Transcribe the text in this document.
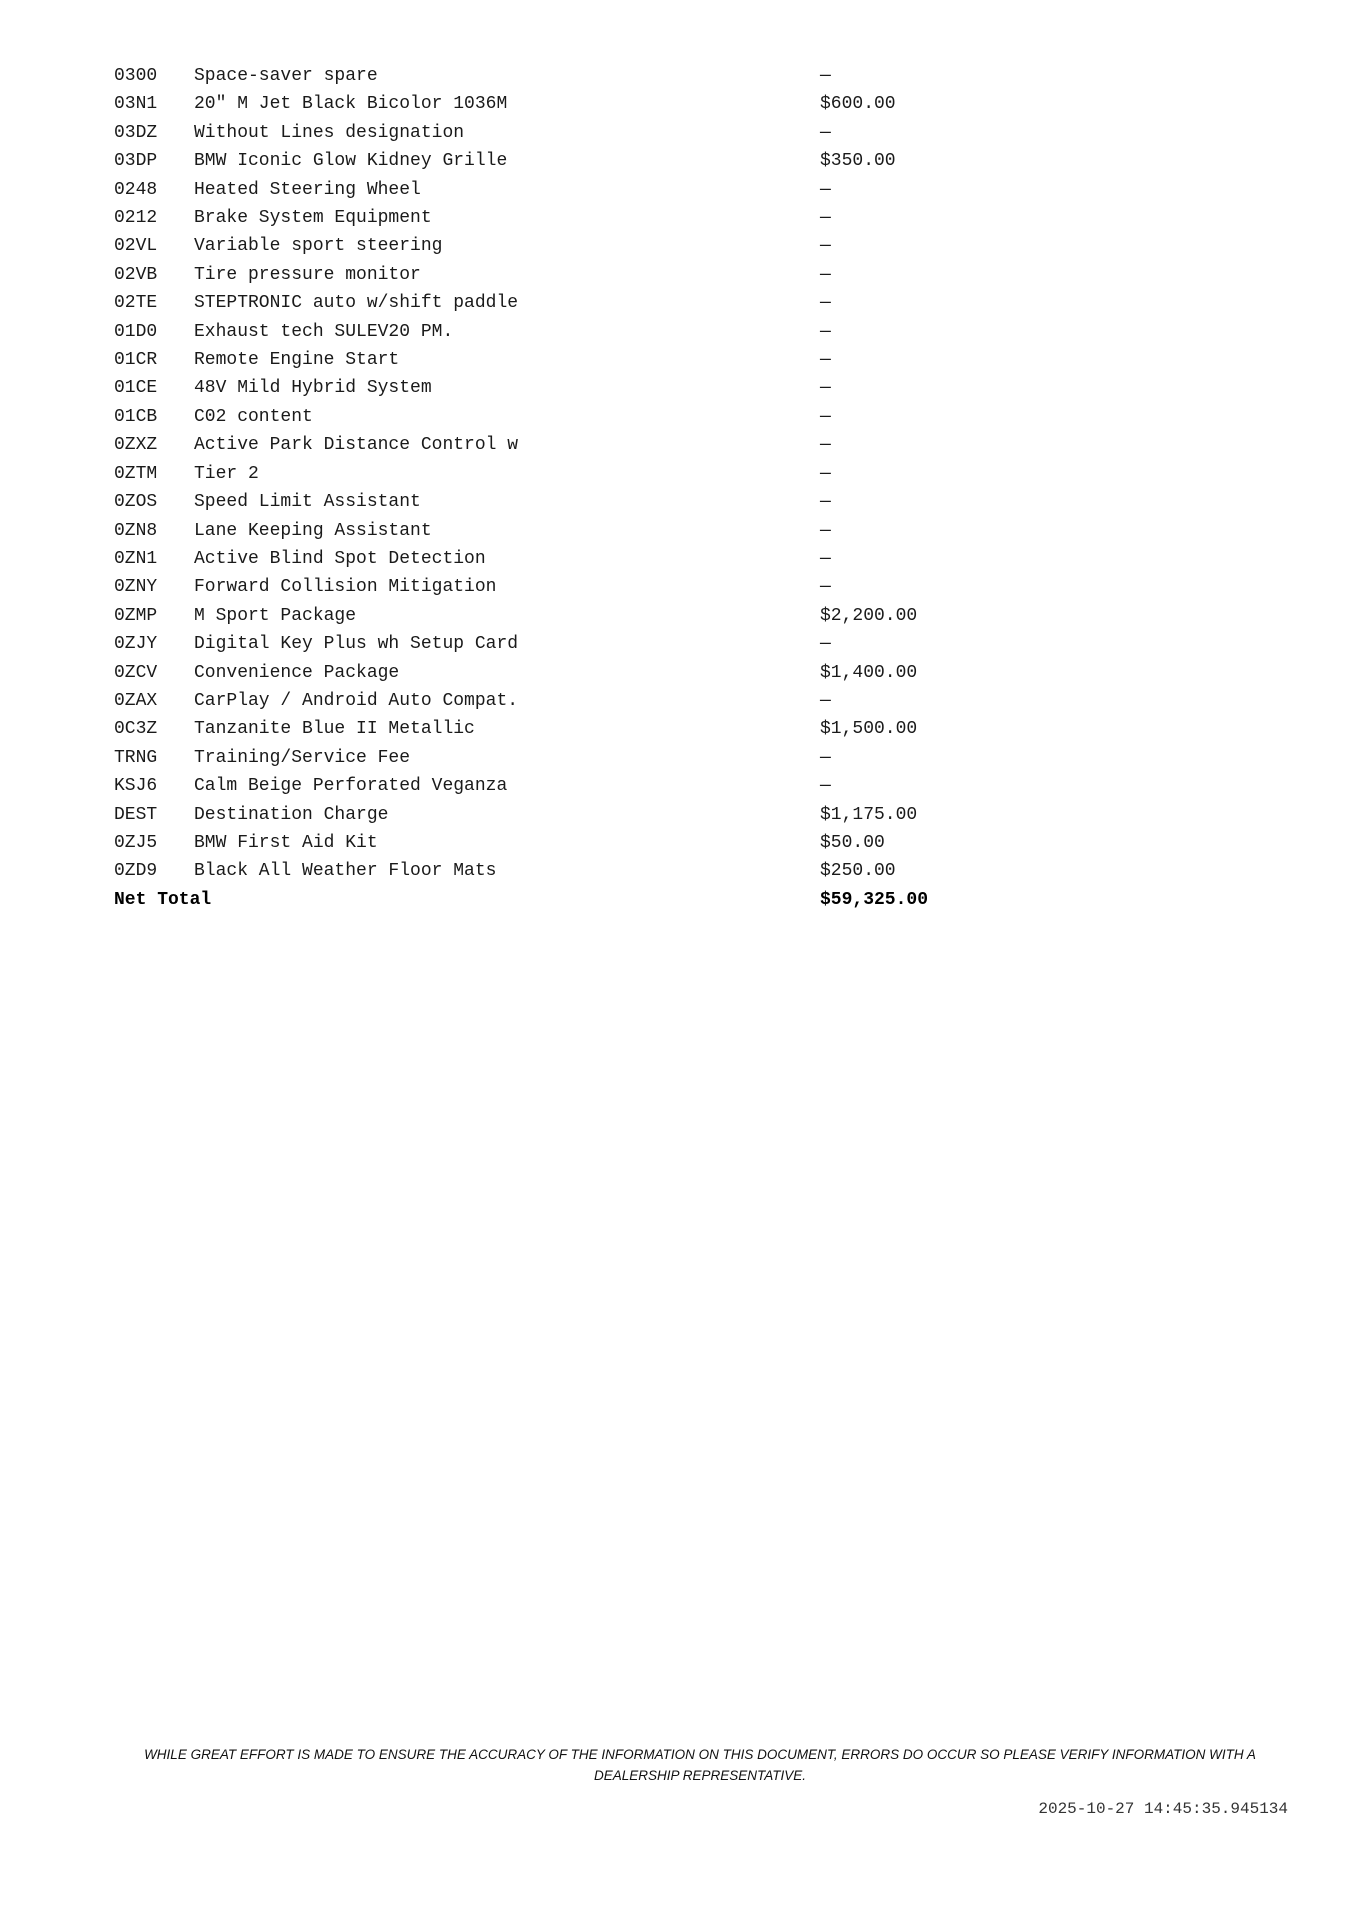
0300	Space-saver spare	—
03N1	20" M Jet Black Bicolor 1036M	$600.00
03DZ	Without Lines designation	—
03DP	BMW Iconic Glow Kidney Grille	$350.00
0248	Heated Steering Wheel	—
0212	Brake System Equipment	—
02VL	Variable sport steering	—
02VB	Tire pressure monitor	—
02TE	STEPTRONIC auto w/shift paddle	—
01D0	Exhaust tech SULEV20 PM.	—
01CR	Remote Engine Start	—
01CE	48V Mild Hybrid System	—
01CB	C02 content	—
0ZXZ	Active Park Distance Control w	—
0ZTM	Tier 2	—
0ZOS	Speed Limit Assistant	—
0ZN8	Lane Keeping Assistant	—
0ZN1	Active Blind Spot Detection	—
0ZNY	Forward Collision Mitigation	—
0ZMP	M Sport Package	$2,200.00
0ZJY	Digital Key Plus wh Setup Card	—
0ZCV	Convenience Package	$1,400.00
0ZAX	CarPlay / Android Auto Compat.	—
0C3Z	Tanzanite Blue II Metallic	$1,500.00
TRNG	Training/Service Fee	—
KSJ6	Calm Beige Perforated Veganza	—
DEST	Destination Charge	$1,175.00
0ZJ5	BMW First Aid Kit	$50.00
0ZD9	Black All Weather Floor Mats	$250.00
Net Total		$59,325.00
WHILE GREAT EFFORT IS MADE TO ENSURE THE ACCURACY OF THE INFORMATION ON THIS DOCUMENT, ERRORS DO OCCUR SO PLEASE VERIFY INFORMATION WITH A
DEALERSHIP REPRESENTATIVE.
2025-10-27 14:45:35.945134
